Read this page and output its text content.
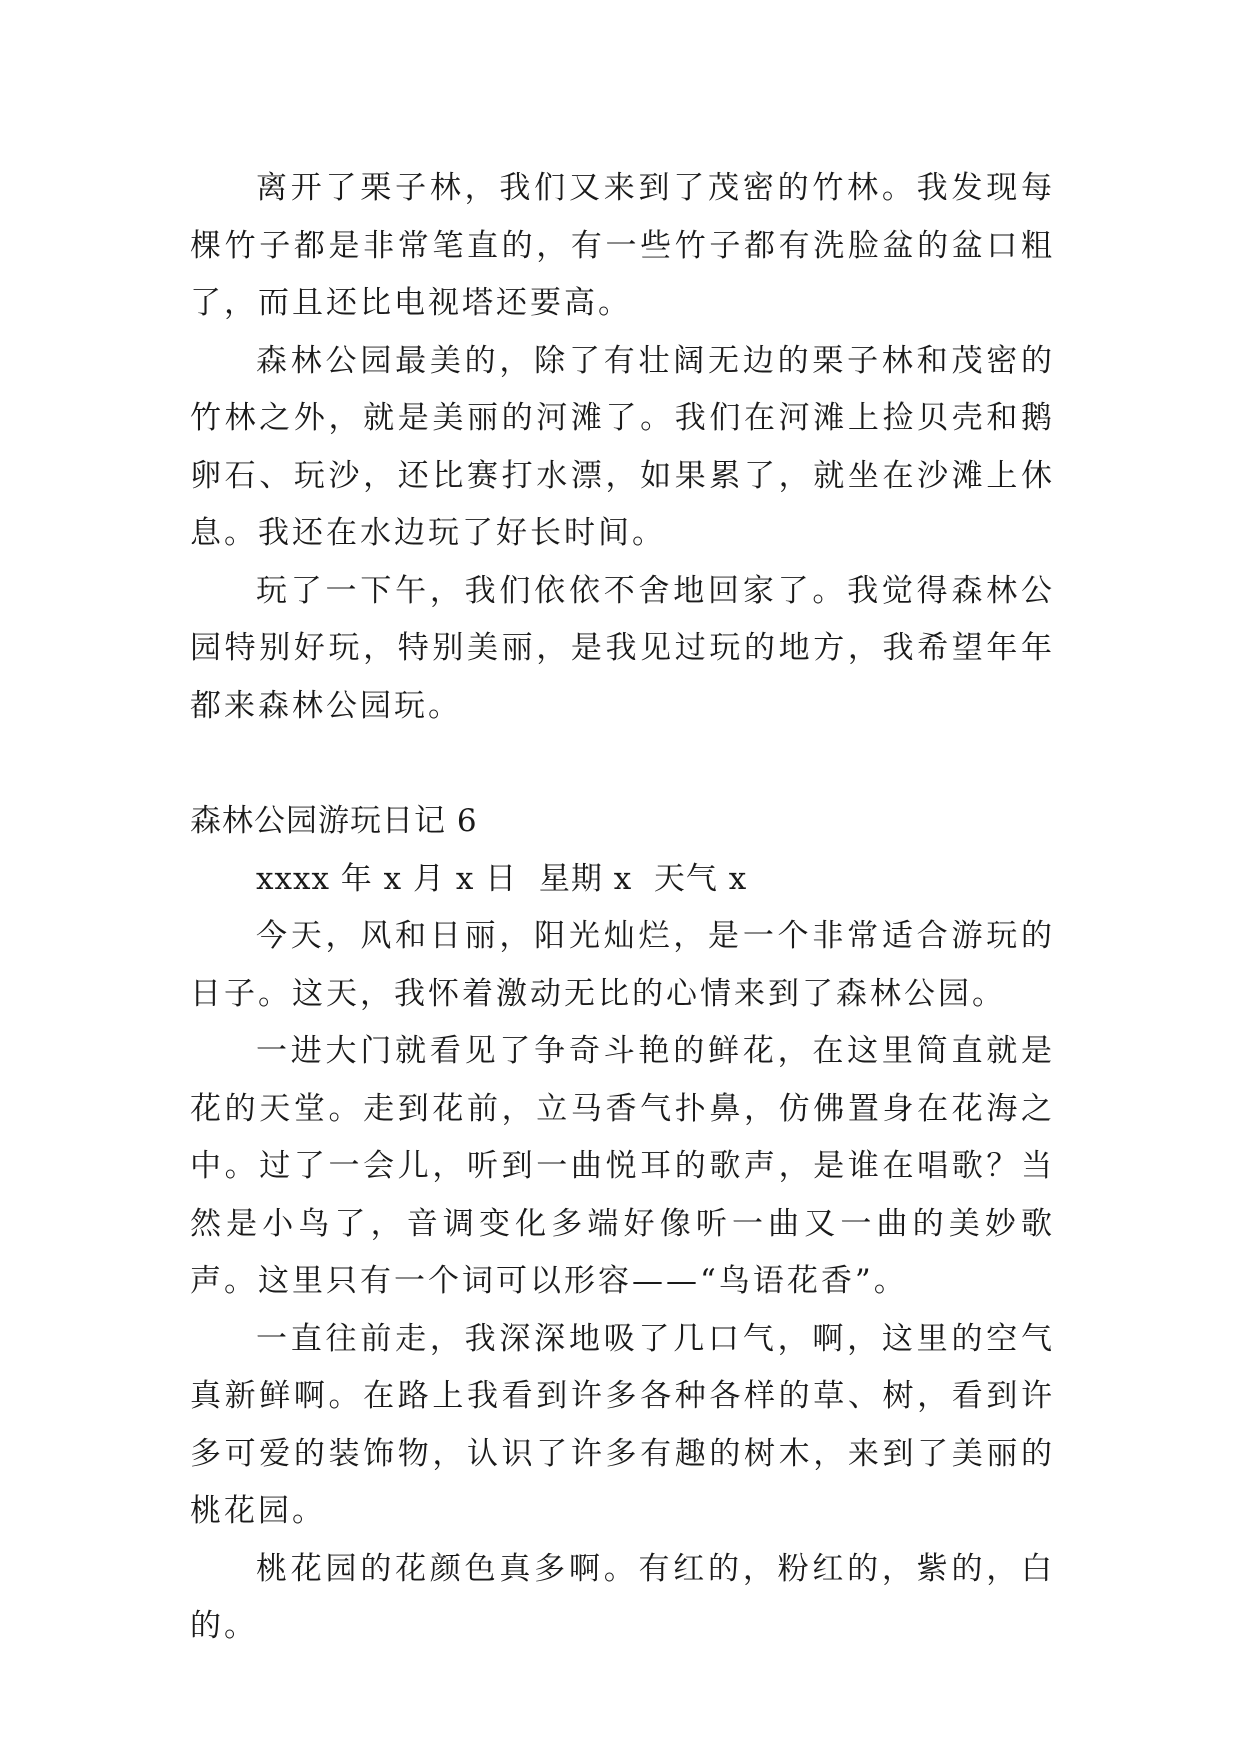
离开了栗子林，我们又来到了茂密的竹林。我发现每棵竹子都是非常笔直的，有一些竹子都有洗脸盆的盆口粗了，而且还比电视塔还要高。

森林公园最美的，除了有壮阔无边的栗子林和茂密的竹林之外，就是美丽的河滩了。我们在河滩上捡贝壳和鹅卵石、玩沙，还比赛打水漂，如果累了，就坐在沙滩上休息。我还在水边玩了好长时间。

玩了一下午，我们依依不舍地回家了。我觉得森林公园特别好玩，特别美丽，是我见过玩的地方，我希望年年都来森林公园玩。

森林公园游玩日记 6

xxxx 年 x 月 x 日  星期 x  天气 x

今天，风和日丽，阳光灿烂，是一个非常适合游玩的日子。这天，我怀着激动无比的心情来到了森林公园。

一进大门就看见了争奇斗艳的鲜花，在这里简直就是花的天堂。走到花前，立马香气扑鼻，仿佛置身在花海之中。过了一会儿，听到一曲悦耳的歌声，是谁在唱歌？当然是小鸟了，音调变化多端好像听一曲又一曲的美妙歌声。这里只有一个词可以形容——“鸟语花香”。

一直往前走，我深深地吸了几口气，啊，这里的空气真新鲜啊。在路上我看到许多各种各样的草、树，看到许多可爱的装饰物，认识了许多有趣的树木，来到了美丽的桃花园。

桃花园的花颜色真多啊。有红的，粉红的，紫的，白的。
